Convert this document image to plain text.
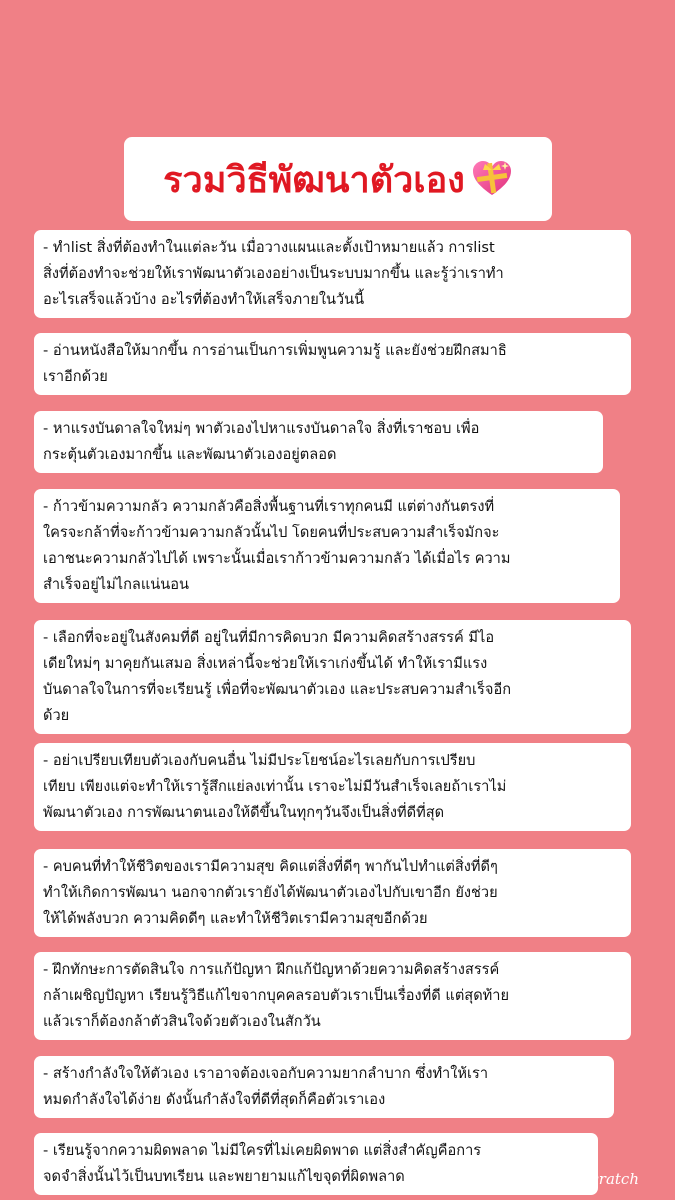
รวมวิธีพัฒนาตัวเอง
- ทำlist สิ่งที่ต้องทำในแต่ละวัน เมื่อวางแผนและตั้งเป้าหมายแล้ว การlist
สิ่งที่ต้องทำจะช่วยให้เราพัฒนาตัวเองอย่างเป็นระบบมากขึ้น และรู้ว่าเราทำ
อะไรเสร็จแล้วบ้าง อะไรที่ต้องทำให้เสร็จภายในวันนี้
- อ่านหนังสือให้มากขึ้น การอ่านเป็นการเพิ่มพูนความรู้ และยังช่วยฝึกสมาธิ
เราอีกด้วย
- หาแรงบันดาลใจใหม่ๆ พาตัวเองไปหาแรงบันดาลใจ สิ่งที่เราชอบ เพื่อ
กระตุ้นตัวเองมากขึ้น และพัฒนาตัวเองอยู่ตลอด
- ก้าวข้ามความกลัว ความกลัวคือสิ่งพื้นฐานที่เราทุกคนมี แต่ต่างกันตรงที่
ใครจะกล้าที่จะก้าวข้ามความกลัวนั้นไป โดยคนที่ประสบความสำเร็จมักจะ
เอาชนะความกลัวไปได้ เพราะนั้นเมื่อเราก้าวข้ามความกลัว ได้เมื่อไร ความ
สำเร็จอยู่ไม่ไกลแน่นอน
- เลือกที่จะอยู่ในสังคมที่ดี อยู่ในที่มีการคิดบวก มีความคิดสร้างสรรค์ มีไอ
เดียใหม่ๆ มาคุยกันเสมอ สิ่งเหล่านี้จะช่วยให้เราเก่งขึ้นได้ ทำให้เรามีแรง
บันดาลใจในการที่จะเรียนรู้ เพื่อที่จะพัฒนาตัวเอง และประสบความสำเร็จอีก
ด้วย
- อย่าเปรียบเทียบตัวเองกับคนอื่น ไม่มีประโยชน์อะไรเลยกับการเปรียบ
เทียบ เพียงแต่จะทำให้เรารู้สึกแย่ลงเท่านั้น เราจะไม่มีวันสำเร็จเลยถ้าเราไม่
พัฒนาตัวเอง การพัฒนาตนเองให้ดีขึ้นในทุกๆวันจึงเป็นสิ่งที่ดีที่สุด
- คบคนที่ทำให้ชีวิตของเรามีความสุข คิดแต่สิ่งที่ดีๆ พากันไปทำแต่สิ่งที่ดีๆ
ทำให้เกิดการพัฒนา นอกจากตัวเรายังได้พัฒนาตัวเองไปกับเขาอีก ยังช่วย
ให้ได้พลังบวก ความคิดดีๆ และทำให้ชีวิตเรามีความสุขอีกด้วย
- ฝึกทักษะการตัดสินใจ การแก้ปัญหา ฝึกแก้ปัญหาด้วยความคิดสร้างสรรค์
กล้าเผชิญปัญหา เรียนรู้วิธีแก้ไขจากบุคคลรอบตัวเราเป็นเรื่องที่ดี แต่สุดท้าย
แล้วเราก็ต้องกล้าตัวสินใจด้วยตัวเองในสักวัน
- สร้างกำลังใจให้ตัวเอง เราอาจต้องเจอกับความยากลำบาก ซึ่งทำให้เรา
หมดกำลังใจได้ง่าย ดังนั้นกำลังใจที่ดีที่สุดก็คือตัวเราเอง
- เรียนรู้จากความผิดพลาด ไม่มีใครที่ไม่เคยผิดพาด แต่สิ่งสำคัญคือการ
จดจำสิ่งนั้นไว้เป็นบทเรียน และพยายามแก้ไขจุดที่ผิดพลาด	@fromscratch
